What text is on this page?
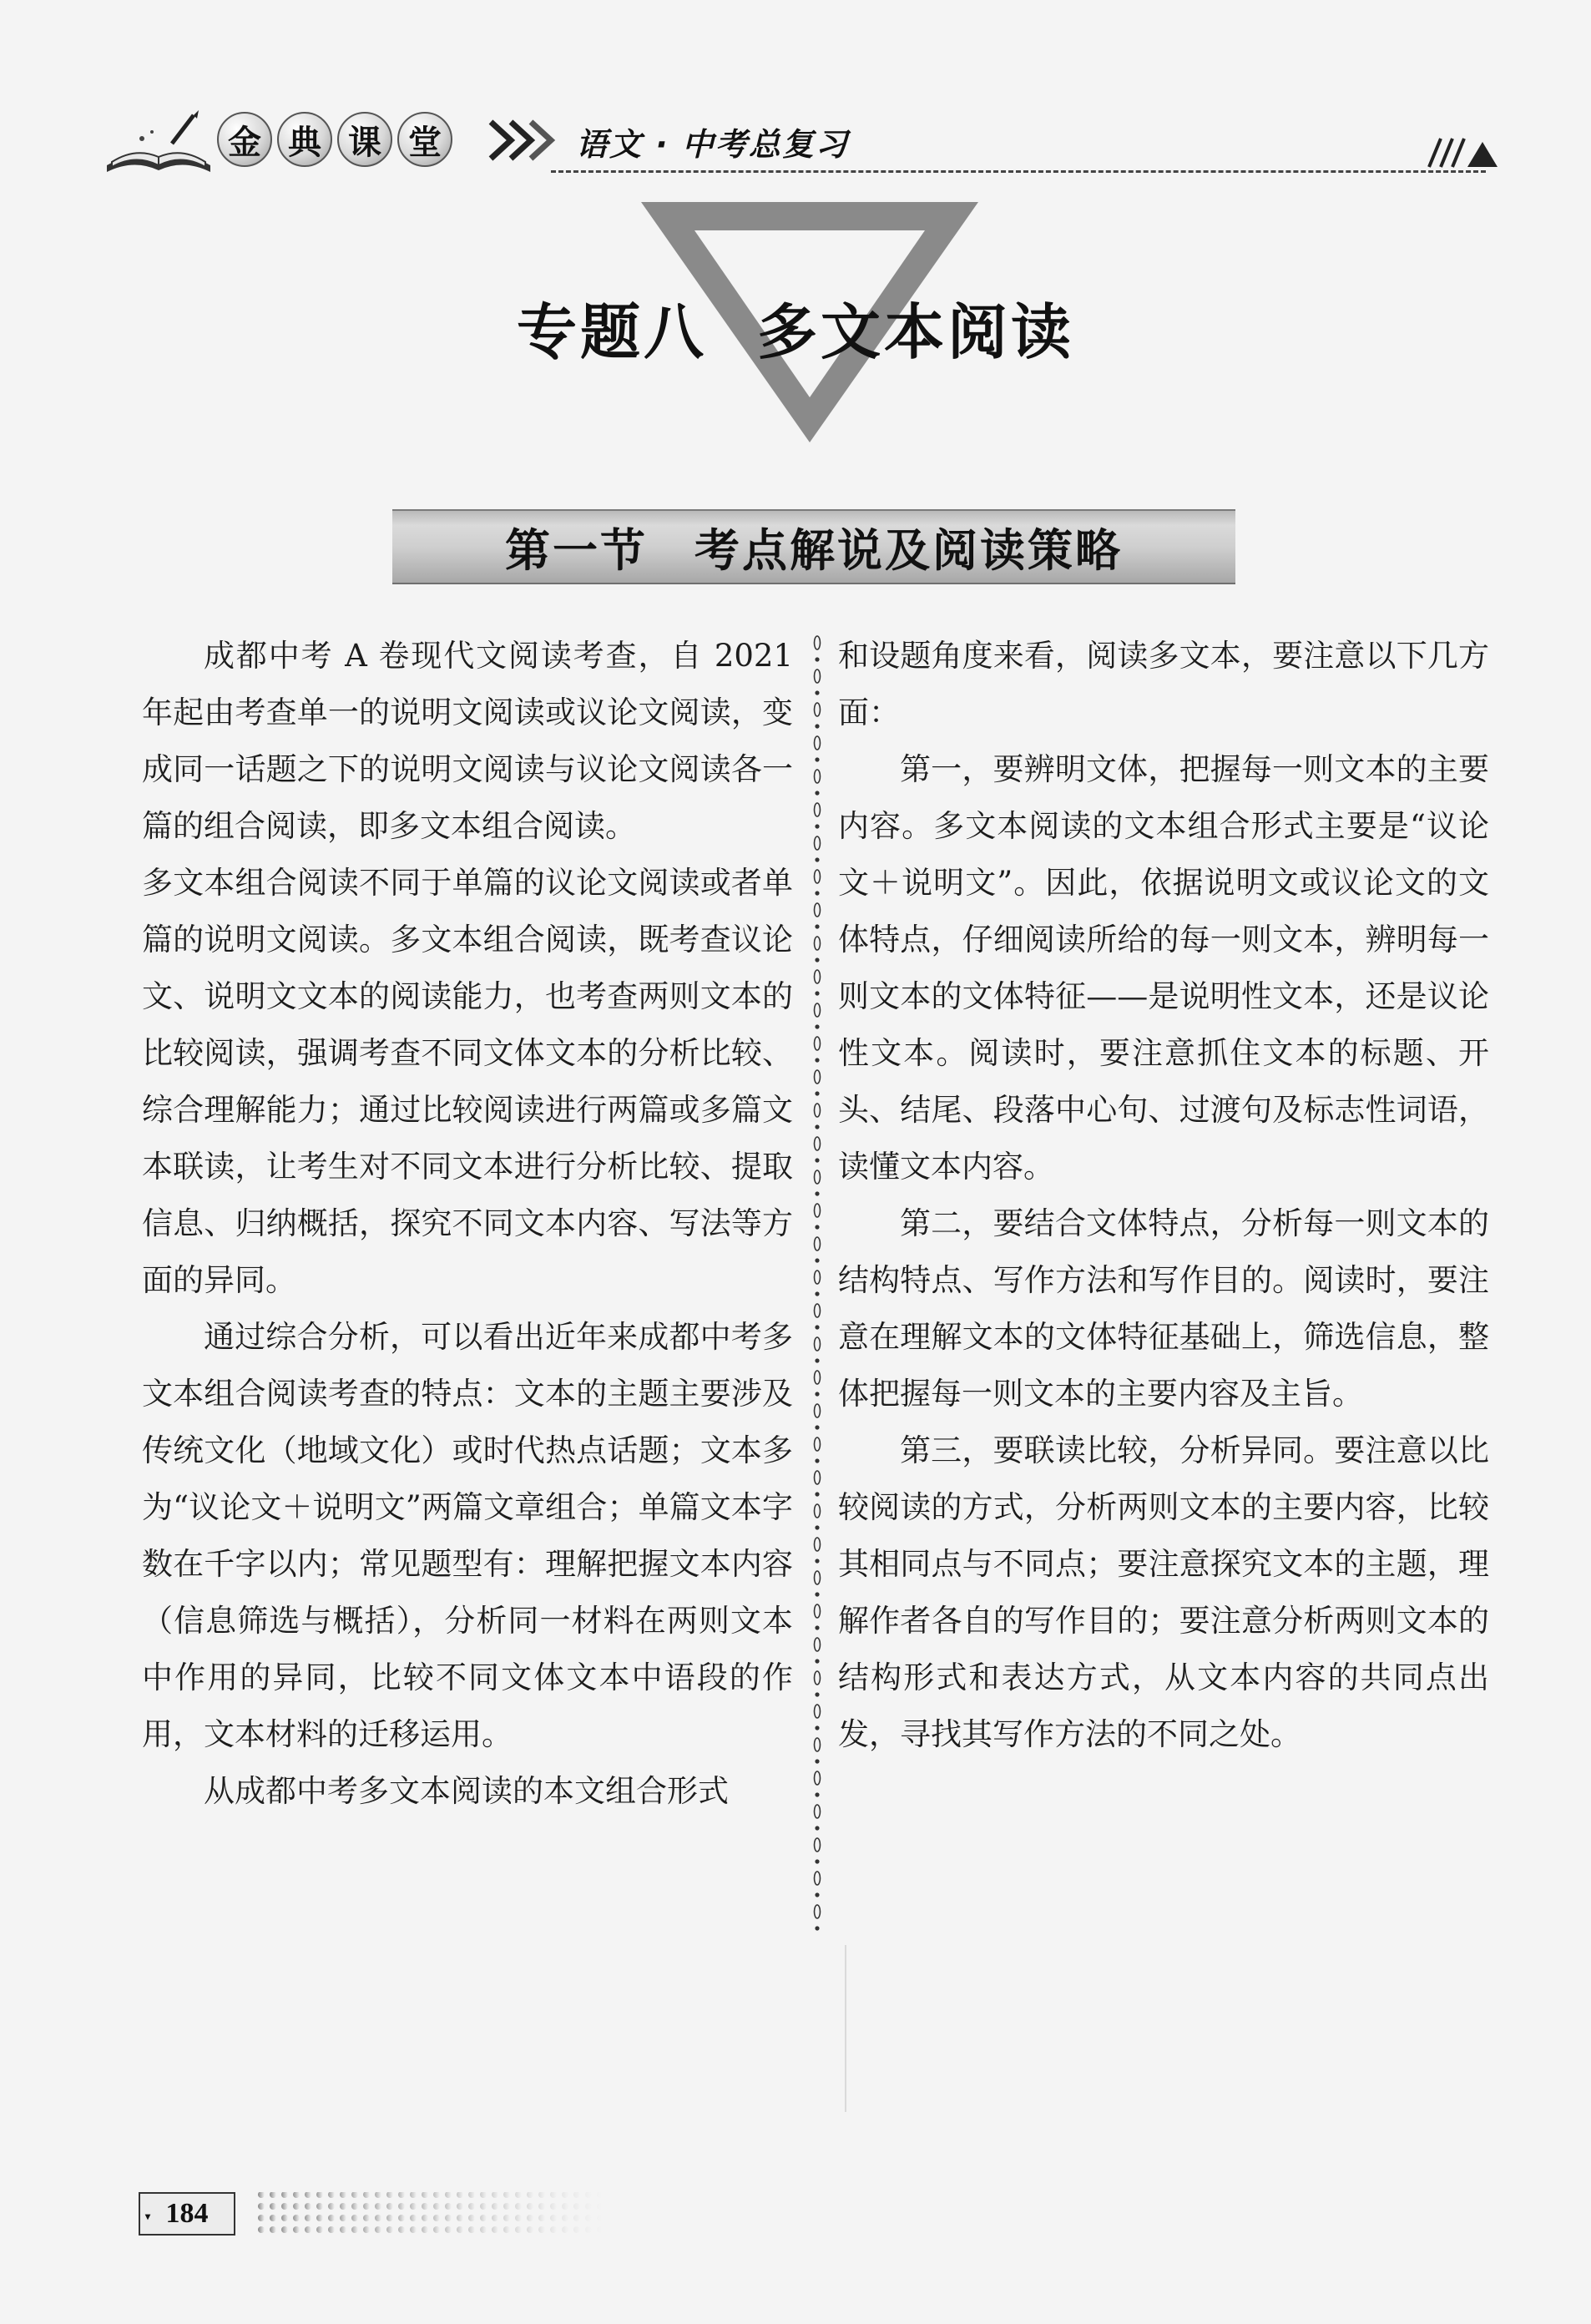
金 典 课 堂	语文 · 中考总复习
专题八 多文本阅读
第一节 考点解说及阅读策略

成都中考 A 卷现代文阅读考查，自 2021 年起由考查单一的说明文阅读或议论文阅读，变成同一话题之下的说明文阅读与议论文阅读各一篇的组合阅读，即多文本组合阅读。

多文本组合阅读不同于单篇的议论文阅读或者单篇的说明文阅读。多文本组合阅读，既考查议论文、说明文文本的阅读能力，也考查两则文本的比较阅读，强调考查不同文体文本的分析比较、综合理解能力；通过比较阅读进行两篇或多篇文本联读，让考生对不同文本进行分析比较、提取信息、归纳概括，探究不同文本内容、写法等方面的异同。

通过综合分析，可以看出近年来成都中考多文本组合阅读考查的特点：文本的主题主要涉及传统文化（地域文化）或时代热点话题；文本多为“议论文＋说明文”两篇文章组合；单篇文本字数在千字以内；常见题型有：理解把握文本内容（信息筛选与概括），分析同一材料在两则文本中作用的异同，比较不同文体文本中语段的作用，文本材料的迁移运用。

从成都中考多文本阅读的本文组合形式

和设题角度来看，阅读多文本，要注意以下几方面：

第一，要辨明文体，把握每一则文本的主要内容。多文本阅读的文本组合形式主要是“议论文＋说明文”。因此，依据说明文或议论文的文体特点，仔细阅读所给的每一则文本，辨明每一则文本的文体特征——是说明性文本，还是议论性文本。阅读时，要注意抓住文本的标题、开头、结尾、段落中心句、过渡句及标志性词语，读懂文本内容。

第二，要结合文体特点，分析每一则文本的结构特点、写作方法和写作目的。阅读时，要注意在理解文本的文体特征基础上，筛选信息，整体把握每一则文本的主要内容及主旨。

第三，要联读比较，分析异同。要注意以比较阅读的方式，分析两则文本的主要内容，比较其相同点与不同点；要注意探究文本的主题，理解作者各自的写作目的；要注意分析两则文本的结构形式和表达方式，从文本内容的共同点出发，寻找其写作方法的不同之处。

▾ 184
